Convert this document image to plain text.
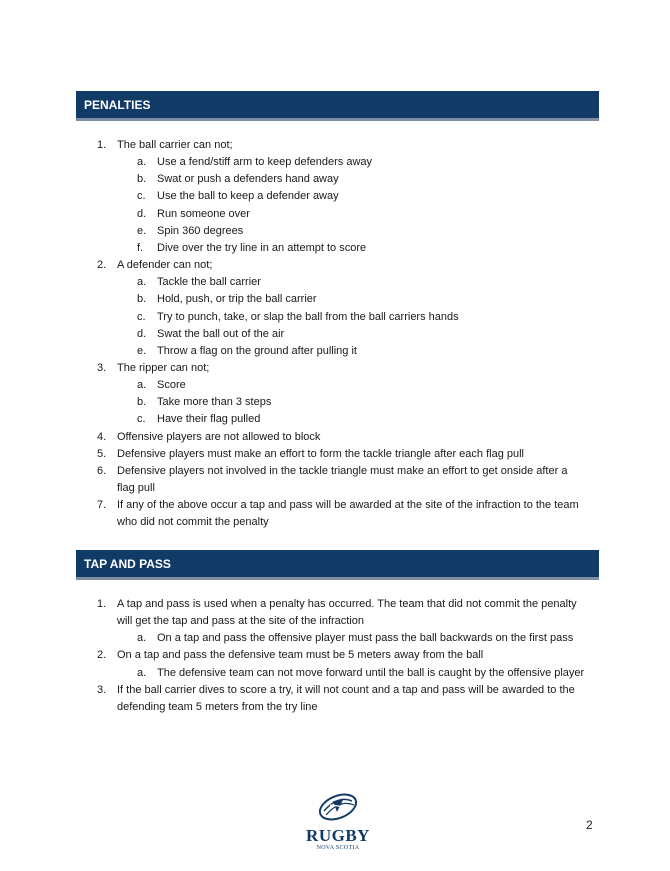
PENALTIES
1. The ball carrier can not;
a. Use a fend/stiff arm to keep defenders away
b. Swat or push a defenders hand away
c.	Use the ball to keep a defender away
d. Run someone over
e. Spin 360 degrees
f.	Dive over the try line in an attempt to score
2. A defender can not;
a. Tackle the ball carrier
b. Hold, push, or trip the ball carrier
c.	Try to punch, take, or slap the ball from the ball carriers hands
d. Swat the ball out of the air
e. Throw a flag on the ground after pulling it
3. The ripper can not;
a. Score
b. Take more than 3 steps
c.	Have their flag pulled
4. Offensive players are not allowed to block
5. Defensive players must make an effort to form the tackle triangle after each flag pull
6. Defensive players not involved in the tackle triangle must make an effort to get onside after a
flag pull
7. If any of the above occur a tap and pass will be awarded at the site of the infraction to the team
who did not commit the penalty
TAP AND PASS
1. A tap and pass is used when a penalty has occurred. The team that did not commit the penalty
will get the tap and pass at the site of the infraction
a. On a tap and pass the offensive player must pass the ball backwards on the first pass
2. On a tap and pass the defensive team must be 5 meters away from the ball
a. The defensive team can not move forward until the ball is caught by the offensive player
3. If the ball carrier dives to score a try, it will not count and a tap and pass will be awarded to the
defending team 5 meters from the try line
RUGBY
NOVA SCOTIA
2
